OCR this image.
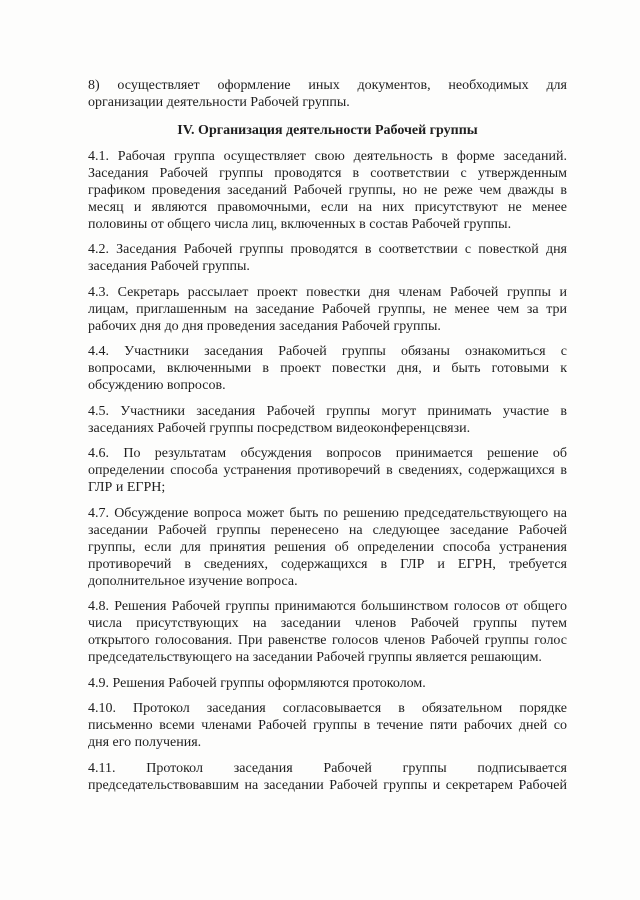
8) осуществляет оформление иных документов, необходимых для
организации деятельности Рабочей группы.
IV. Организация деятельности Рабочей группы
4.1. Рабочая группа осуществляет свою деятельность в форме заседаний.
Заседания Рабочей группы проводятся в соответствии с утвержденным
графиком проведения заседаний Рабочей группы, но не реже чем дважды в
месяц и являются правомочными, если на них присутствуют не менее
половины от общего числа лиц, включенных в состав Рабочей группы.
4.2. Заседания Рабочей группы проводятся в соответствии с повесткой дня
заседания Рабочей группы.
4.3. Секретарь рассылает проект повестки дня членам Рабочей группы и
лицам, приглашенным на заседание Рабочей группы, не менее чем за три
рабочих дня до дня проведения заседания Рабочей группы.
4.4. Участники заседания Рабочей группы обязаны ознакомиться с
вопросами, включенными в проект повестки дня, и быть готовыми к
обсуждению вопросов.
4.5. Участники заседания Рабочей группы могут принимать участие в
заседаниях Рабочей группы посредством видеоконференцсвязи.
4.6. По результатам обсуждения вопросов принимается решение об
определении способа устранения противоречий в сведениях, содержащихся в
ГЛР и ЕГРН;
4.7. Обсуждение вопроса может быть по решению председательствующего на
заседании Рабочей группы перенесено на следующее заседание Рабочей
группы, если для принятия решения об определении способа устранения
противоречий в сведениях, содержащихся в ГЛР и ЕГРН, требуется
дополнительное изучение вопроса.
4.8. Решения Рабочей группы принимаются большинством голосов от общего
числа присутствующих на заседании членов Рабочей группы путем
открытого голосования. При равенстве голосов членов Рабочей группы голос
председательствующего на заседании Рабочей группы является решающим.
4.9. Решения Рабочей группы оформляются протоколом.
4.10. Протокол заседания согласовывается в обязательном порядке
письменно всеми членами Рабочей группы в течение пяти рабочих дней со
дня его получения.
4.11. Протокол заседания Рабочей группы подписывается
председательствовавшим на заседании Рабочей группы и секретарем Рабочей
